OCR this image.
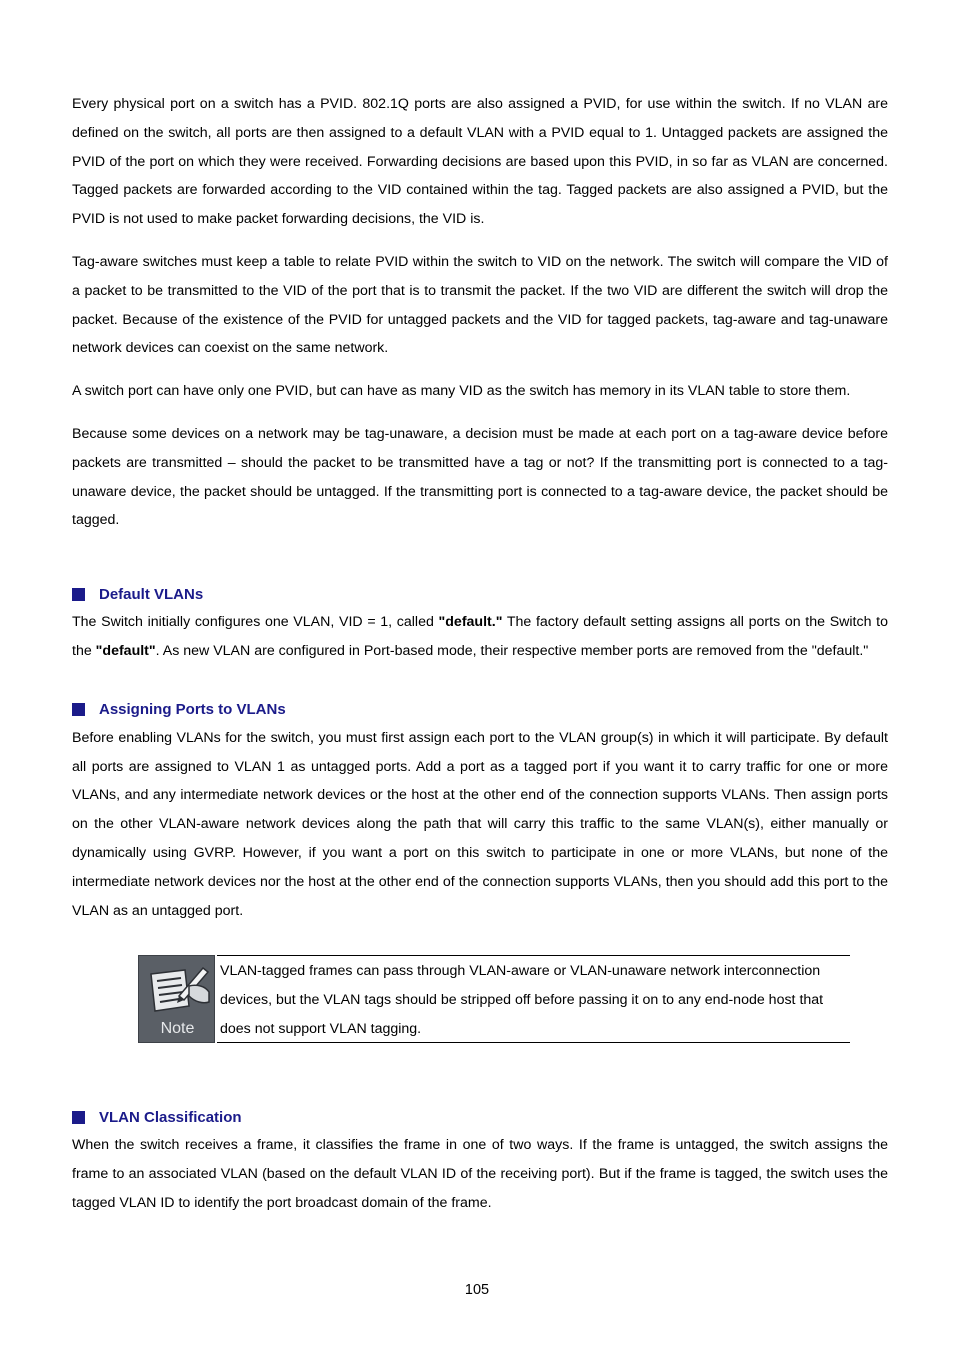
Every physical port on a switch has a PVID. 802.1Q ports are also assigned a PVID, for use within the switch. If no VLAN are defined on the switch, all ports are then assigned to a default VLAN with a PVID equal to 1. Untagged packets are assigned the PVID of the port on which they were received. Forwarding decisions are based upon this PVID, in so far as VLAN are concerned. Tagged packets are forwarded according to the VID contained within the tag. Tagged packets are also assigned a PVID, but the PVID is not used to make packet forwarding decisions, the VID is.

Tag-aware switches must keep a table to relate PVID within the switch to VID on the network. The switch will compare the VID of a packet to be transmitted to the VID of the port that is to transmit the packet. If the two VID are different the switch will drop the packet. Because of the existence of the PVID for untagged packets and the VID for tagged packets, tag-aware and tag-unaware network devices can coexist on the same network.

A switch port can have only one PVID, but can have as many VID as the switch has memory in its VLAN table to store them.

Because some devices on a network may be tag-unaware, a decision must be made at each port on a tag-aware device before packets are transmitted – should the packet to be transmitted have a tag or not? If the transmitting port is connected to a tag-unaware device, the packet should be untagged. If the transmitting port is connected to a tag-aware device, the packet should be tagged.

Default VLANs

The Switch initially configures one VLAN, VID = 1, called "default." The factory default setting assigns all ports on the Switch to the "default". As new VLAN are configured in Port-based mode, their respective member ports are removed from the "default."

Assigning Ports to VLANs

Before enabling VLANs for the switch, you must first assign each port to the VLAN group(s) in which it will participate. By default all ports are assigned to VLAN 1 as untagged ports. Add a port as a tagged port if you want it to carry traffic for one or more VLANs, and any intermediate network devices or the host at the other end of the connection supports VLANs. Then assign ports on the other VLAN-aware network devices along the path that will carry this traffic to the same VLAN(s), either manually or dynamically using GVRP. However, if you want a port on this switch to participate in one or more VLANs, but none of the intermediate network devices nor the host at the other end of the connection supports VLANs, then you should add this port to the VLAN as an untagged port.

Note

VLAN-tagged frames can pass through VLAN-aware or VLAN-unaware network interconnection devices, but the VLAN tags should be stripped off before passing it on to any end-node host that does not support VLAN tagging.

VLAN Classification

When the switch receives a frame, it classifies the frame in one of two ways. If the frame is untagged, the switch assigns the frame to an associated VLAN (based on the default VLAN ID of the receiving port). But if the frame is tagged, the switch uses the tagged VLAN ID to identify the port broadcast domain of the frame.

105
